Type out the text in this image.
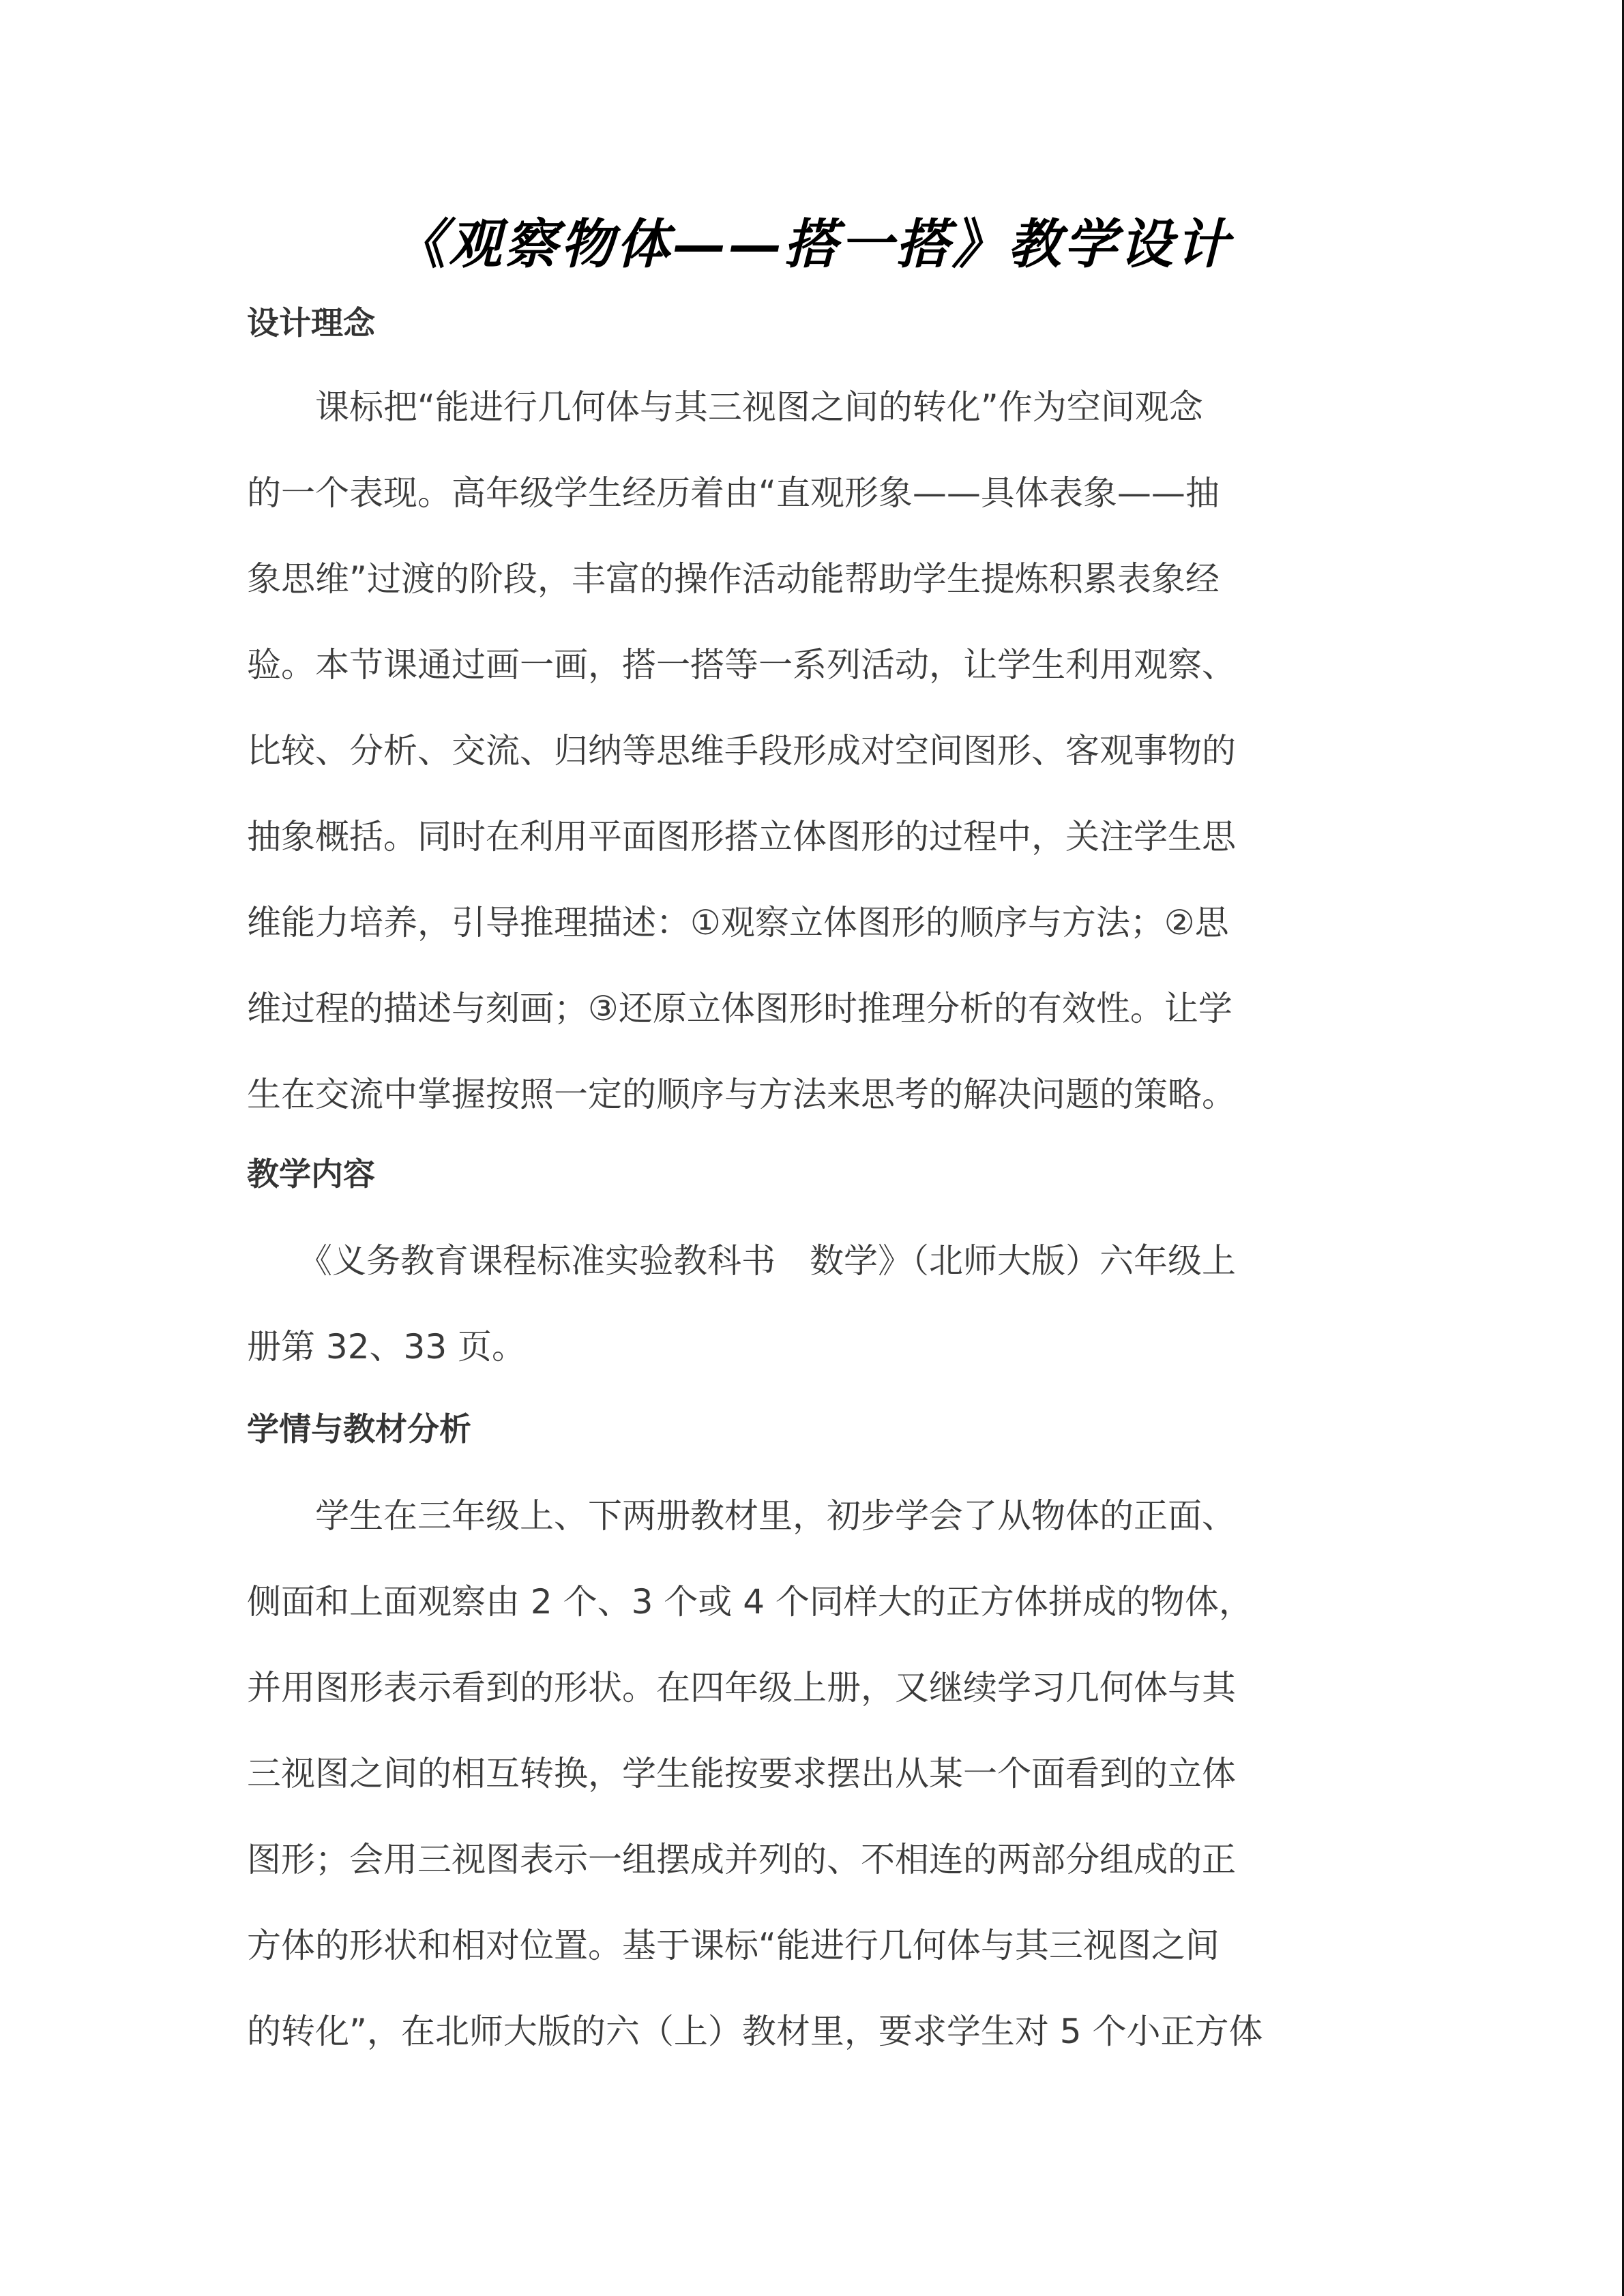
《观察物体——搭一搭》教学设计
设计理念
　　课标把“能进行几何体与其三视图之间的转化”作为空间观念
的一个表现。高年级学生经历着由“直观形象——具体表象——抽
象思维”过渡的阶段，丰富的操作活动能帮助学生提炼积累表象经
验。本节课通过画一画，搭一搭等一系列活动，让学生利用观察、
比较、分析、交流、归纳等思维手段形成对空间图形、客观事物的
抽象概括。同时在利用平面图形搭立体图形的过程中，关注学生思
维能力培养，引导推理描述：①观察立体图形的顺序与方法；②思
维过程的描述与刻画；③还原立体图形时推理分析的有效性。让学
生在交流中掌握按照一定的顺序与方法来思考的解决问题的策略。
教学内容
　　《义务教育课程标准实验教科书　数学》（北师大版）六年级上
册第 32、33 页。
学情与教材分析
　　学生在三年级上、下两册教材里，初步学会了从物体的正面、
侧面和上面观察由 2 个、3 个或 4 个同样大的正方体拼成的物体，
并用图形表示看到的形状。在四年级上册，又继续学习几何体与其
三视图之间的相互转换，学生能按要求摆出从某一个面看到的立体
图形；会用三视图表示一组摆成并列的、不相连的两部分组成的正
方体的形状和相对位置。基于课标“能进行几何体与其三视图之间
的转化”，在北师大版的六（上）教材里，要求学生对 5 个小正方体
